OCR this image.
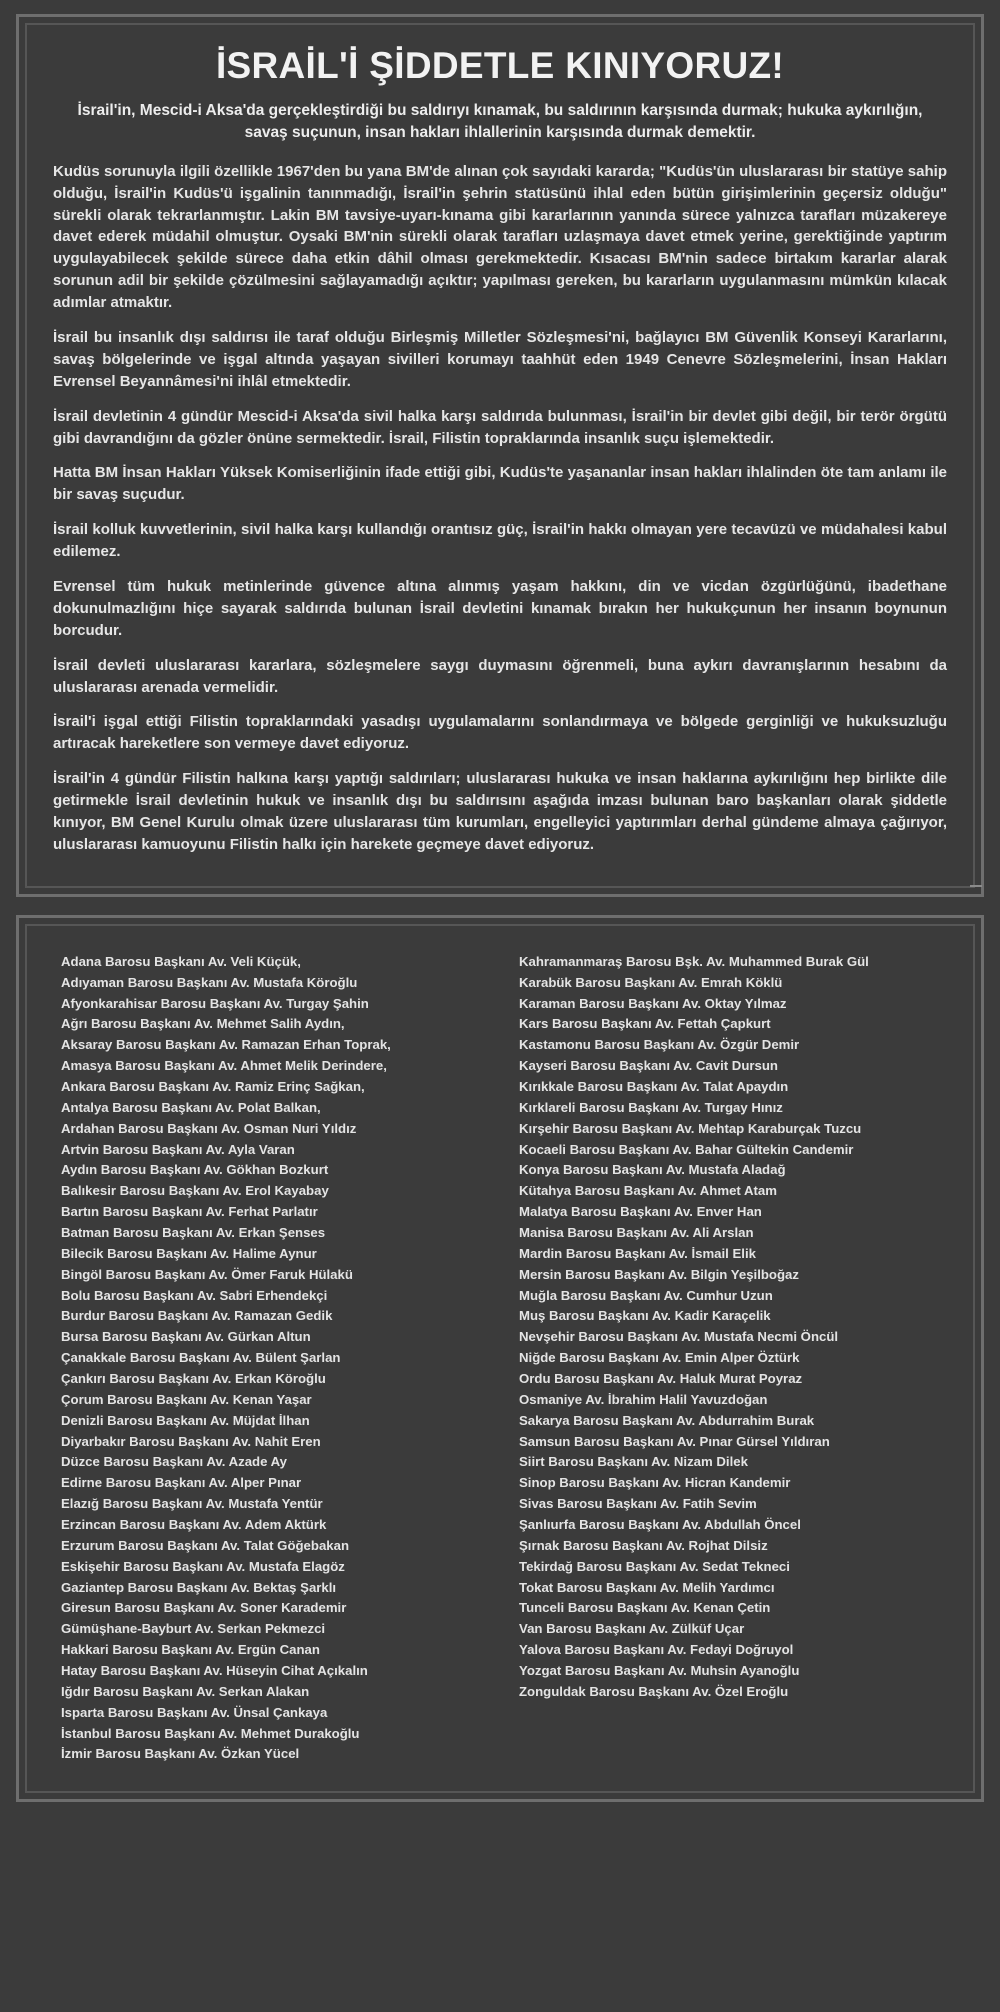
İSRAİL'İ ŞİDDETLE KINIYORUZ!
İsrail'in, Mescid-i Aksa'da gerçekleştirdiği bu saldırıyı kınamak, bu saldırının karşısında durmak; hukuka aykırılığın, savaş suçunun, insan hakları ihlallerinin karşısında durmak demektir.

Kudüs sorunuyla ilgili özellikle 1967'den bu yana BM'de alınan çok sayıdaki kararda; "Kudüs'ün uluslararası bir statüye sahip olduğu, İsrail'in Kudüs'ü işgalinin tanınmadığı, İsrail'in şehrin statüsünü ihlal eden bütün girişimlerinin geçersiz olduğu" sürekli olarak tekrarlanmıştır. Lakin BM tavsiye-uyarı-kınama gibi kararlarının yanında sürece yalnızca tarafları müzakereye davet ederek müdahil olmuştur. Oysaki BM'nin sürekli olarak tarafları uzlaşmaya davet etmek yerine, gerektiğinde yaptırım uygulayabilecek şekilde sürece daha etkin dâhil olması gerekmektedir. Kısacası BM'nin sadece birtakım kararlar alarak sorunun adil bir şekilde çözülmesini sağlayamadığı açıktır; yapılması gereken, bu kararların uygulanmasını mümkün kılacak adımlar atmaktır.

İsrail bu insanlık dışı saldırısı ile taraf olduğu Birleşmiş Milletler Sözleşmesi'ni, bağlayıcı BM Güvenlik Konseyi Kararlarını, savaş bölgelerinde ve işgal altında yaşayan sivilleri korumayı taahhüt eden 1949 Cenevre Sözleşmelerini, İnsan Hakları Evrensel Beyannâmesi'ni ihlâl etmektedir.

İsrail devletinin 4 gündür Mescid-i Aksa'da sivil halka karşı saldırıda bulunması, İsrail'in bir devlet gibi değil, bir terör örgütü gibi davrandığını da gözler önüne sermektedir. İsrail, Filistin topraklarında insanlık suçu işlemektedir.

Hatta BM İnsan Hakları Yüksek Komiserliğinin ifade ettiği gibi, Kudüs'te yaşananlar insan hakları ihlalinden öte tam anlamı ile bir savaş suçudur.

İsrail kolluk kuvvetlerinin, sivil halka karşı kullandığı orantısız güç, İsrail'in hakkı olmayan yere tecavüzü ve müdahalesi kabul edilemez.

Evrensel tüm hukuk metinlerinde güvence altına alınmış yaşam hakkını, din ve vicdan özgürlüğünü, ibadethane dokunulmazlığını hiçe sayarak saldırıda bulunan İsrail devletini kınamak bırakın her hukukçunun her insanın boynunun borcudur.

İsrail devleti uluslararası kararlara, sözleşmelere saygı duymasını öğrenmeli, buna aykırı davranışlarının hesabını da uluslararası arenada vermelidir.

İsrail'i işgal ettiği Filistin topraklarındaki yasadışı uygulamalarını sonlandırmaya ve bölgede gerginliği ve hukuksuzluğu artıracak hareketlere son vermeye davet ediyoruz.

İsrail'in 4 gündür Filistin halkına karşı yaptığı saldırıları; uluslararası hukuka ve insan haklarına aykırılığını hep birlikte dile getirmekle İsrail devletinin hukuk ve insanlık dışı bu saldırısını aşağıda imzası bulunan baro başkanları olarak şiddetle kınıyor, BM Genel Kurulu olmak üzere uluslararası tüm kurumları, engelleyici yaptırımları derhal gündeme almaya çağırıyor, uluslararası kamuoyunu Filistin halkı için harekete geçmeye davet ediyoruz.

Adana Barosu Başkanı Av. Veli Küçük,
Adıyaman Barosu Başkanı Av. Mustafa Köroğlu
Afyonkarahisar Barosu Başkanı Av. Turgay Şahin
Ağrı Barosu Başkanı Av. Mehmet Salih Aydın,
Aksaray Barosu Başkanı Av. Ramazan Erhan Toprak,
Amasya Barosu Başkanı Av. Ahmet Melik Derindere,
Ankara Barosu Başkanı Av. Ramiz Erinç Sağkan,
Antalya Barosu Başkanı Av. Polat Balkan,
Ardahan Barosu Başkanı Av. Osman Nuri Yıldız
Artvin Barosu Başkanı Av. Ayla Varan
Aydın Barosu Başkanı Av. Gökhan Bozkurt
Balıkesir Barosu Başkanı Av. Erol Kayabay
Bartın Barosu Başkanı Av. Ferhat Parlatır
Batman Barosu Başkanı Av. Erkan Şenses
Bilecik Barosu Başkanı Av. Halime Aynur
Bingöl Barosu Başkanı Av. Ömer Faruk Hülakü
Bolu Barosu Başkanı Av. Sabri Erhendekçi
Burdur Barosu Başkanı Av. Ramazan Gedik
Bursa Barosu Başkanı Av. Gürkan Altun
Çanakkale Barosu Başkanı Av. Bülent Şarlan
Çankırı Barosu Başkanı Av. Erkan Köroğlu
Çorum Barosu Başkanı Av. Kenan Yaşar
Denizli Barosu Başkanı Av. Müjdat İlhan
Diyarbakır Barosu Başkanı Av. Nahit Eren
Düzce Barosu Başkanı Av. Azade Ay
Edirne Barosu Başkanı Av. Alper Pınar
Elazığ Barosu Başkanı Av. Mustafa Yentür
Erzincan Barosu Başkanı Av. Adem Aktürk
Erzurum Barosu Başkanı Av. Talat Göğebakan
Eskişehir Barosu Başkanı Av. Mustafa Elagöz
Gaziantep Barosu Başkanı Av. Bektaş Şarklı
Giresun Barosu Başkanı Av. Soner Karademir
Gümüşhane-Bayburt Av. Serkan Pekmezci
Hakkari Barosu Başkanı Av. Ergün Canan
Hatay Barosu Başkanı Av. Hüseyin Cihat Açıkalın
Iğdır Barosu Başkanı Av. Serkan Alakan
Isparta Barosu Başkanı Av. Ünsal Çankaya
İstanbul Barosu Başkanı Av. Mehmet Durakoğlu
İzmir Barosu Başkanı Av. Özkan Yücel
Kahramanmaraş Barosu Bşk. Av. Muhammed Burak Gül
Karabük Barosu Başkanı Av. Emrah Köklü
Karaman Barosu Başkanı Av. Oktay Yılmaz
Kars Barosu Başkanı Av. Fettah Çapkurt
Kastamonu Barosu Başkanı Av. Özgür Demir
Kayseri Barosu Başkanı Av. Cavit Dursun
Kırıkkale Barosu Başkanı Av. Talat Apaydın
Kırklareli Barosu Başkanı Av. Turgay Hınız
Kırşehir Barosu Başkanı Av. Mehtap Karaburçak Tuzcu
Kocaeli Barosu Başkanı Av. Bahar Gültekin Candemir
Konya Barosu Başkanı Av. Mustafa Aladağ
Kütahya Barosu Başkanı Av. Ahmet Atam
Malatya Barosu Başkanı Av. Enver Han
Manisa Barosu Başkanı Av. Ali Arslan
Mardin Barosu Başkanı Av. İsmail Elik
Mersin Barosu Başkanı Av. Bilgin Yeşilboğaz
Muğla Barosu Başkanı Av. Cumhur Uzun
Muş Barosu Başkanı Av. Kadir Karaçelik
Nevşehir Barosu Başkanı Av. Mustafa Necmi Öncül
Niğde Barosu Başkanı Av. Emin Alper Öztürk
Ordu Barosu Başkanı Av. Haluk Murat Poyraz
Osmaniye Av. İbrahim Halil Yavuzdoğan
Sakarya Barosu Başkanı Av. Abdurrahim Burak
Samsun Barosu Başkanı Av. Pınar Gürsel Yıldıran
Siirt Barosu Başkanı Av. Nizam Dilek
Sinop Barosu Başkanı Av. Hicran Kandemir
Sivas Barosu Başkanı Av. Fatih Sevim
Şanlıurfa Barosu Başkanı Av. Abdullah Öncel
Şırnak Barosu Başkanı Av. Rojhat Dilsiz
Tekirdağ Barosu Başkanı Av. Sedat Tekneci
Tokat Barosu Başkanı Av. Melih Yardımcı
Tunceli Barosu Başkanı Av. Kenan Çetin
Van Barosu Başkanı Av. Zülküf Uçar
Yalova Barosu Başkanı Av. Fedayi Doğruyol
Yozgat Barosu Başkanı Av. Muhsin Ayanoğlu
Zonguldak Barosu Başkanı Av. Özel Eroğlu
